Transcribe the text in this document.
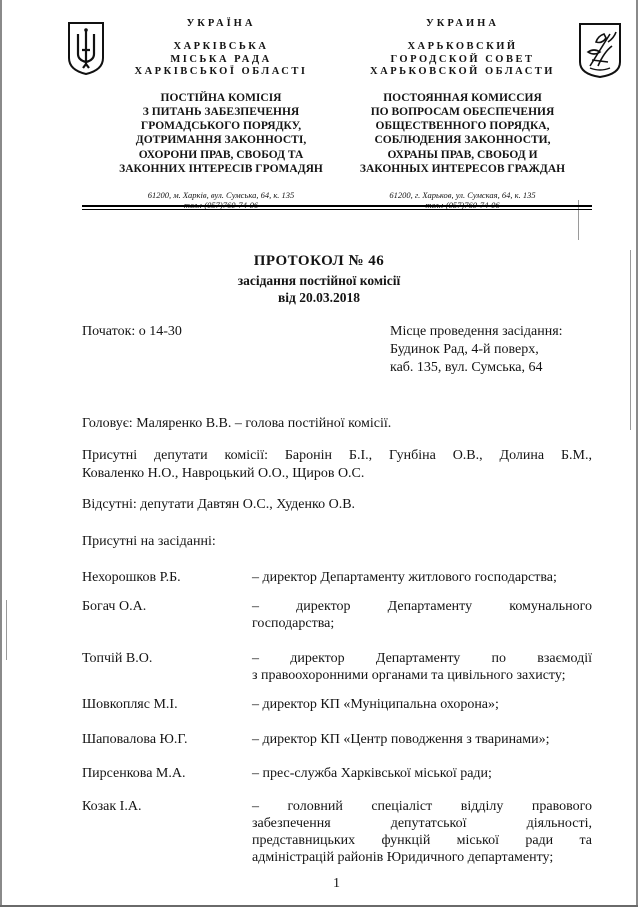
УКРАЇНА
ХАРКІВСЬКА
МІСЬКА РАДА
ХАРКІВСЬКОЇ ОБЛАСТІ
ПОСТІЙНА КОМІСІЯ
З ПИТАНЬ ЗАБЕЗПЕЧЕННЯ
ГРОМАДСЬКОГО ПОРЯДКУ,
ДОТРИМАННЯ ЗАКОННОСТІ,
ОХОРОНИ ПРАВ, СВОБОД ТА
ЗАКОННИХ ІНТЕРЕСІВ ГРОМАДЯН
61200, м. Харків, вул. Сумська, 64, к. 135
УКРАИНА
ХАРЬКОВСКИЙ
ГОРОДСКОЙ СОВЕТ
ХАРЬКОВСКОЙ ОБЛАСТИ
ПОСТОЯННАЯ КОМИССИЯ
ПО ВОПРОСАМ ОБЕСПЕЧЕНИЯ
ОБЩЕСТВЕННОГО ПОРЯДКА,
СОБЛЮДЕНИЯ ЗАКОННОСТИ,
ОХРАНЫ ПРАВ, СВОБОД И
ЗАКОННЫХ ИНТЕРЕСОВ ГРАЖДАН
61200, г. Харьков, ул. Сумская, 64, к. 135
ПРОТОКОЛ № 46
засідання постійної комісії
від 20.03.2018
Початок: о 14-30	Місце проведення засідання:
Будинок Рад, 4-й поверх,
каб. 135, вул. Сумська, 64
Головує: Маляренко В.В. – голова постійної комісії.
Присутні депутати комісії: Баронін Б.І., Гунбіна О.В., Долина Б.М.,
Коваленко Н.О., Навроцький О.О., Щиров О.С.
Відсутні: депутати Давтян О.С., Худенко О.В.
Присутні на засіданні:
Нехорошков Р.Б.	– директор Департаменту житлового господарства;
Богач О.А.	– директор Департаменту комунального
господарства;
Топчій В.О.	– директор Департаменту по взаємодії
з правоохоронними органами та цивільного захисту;
Шовкопляс М.І.	– директор КП «Муніципальна охорона»;
Шаповалова Ю.Г.	– директор КП «Центр поводження з тваринами»;
Пирсенкова М.А.	– прес-служба Харківської міської ради;
Козак І.А.	– головний спеціаліст відділу правового
забезпечення депутатської діяльності,
представницьких функцій міської ради та
адміністрацій районів Юридичного департаменту;
1
